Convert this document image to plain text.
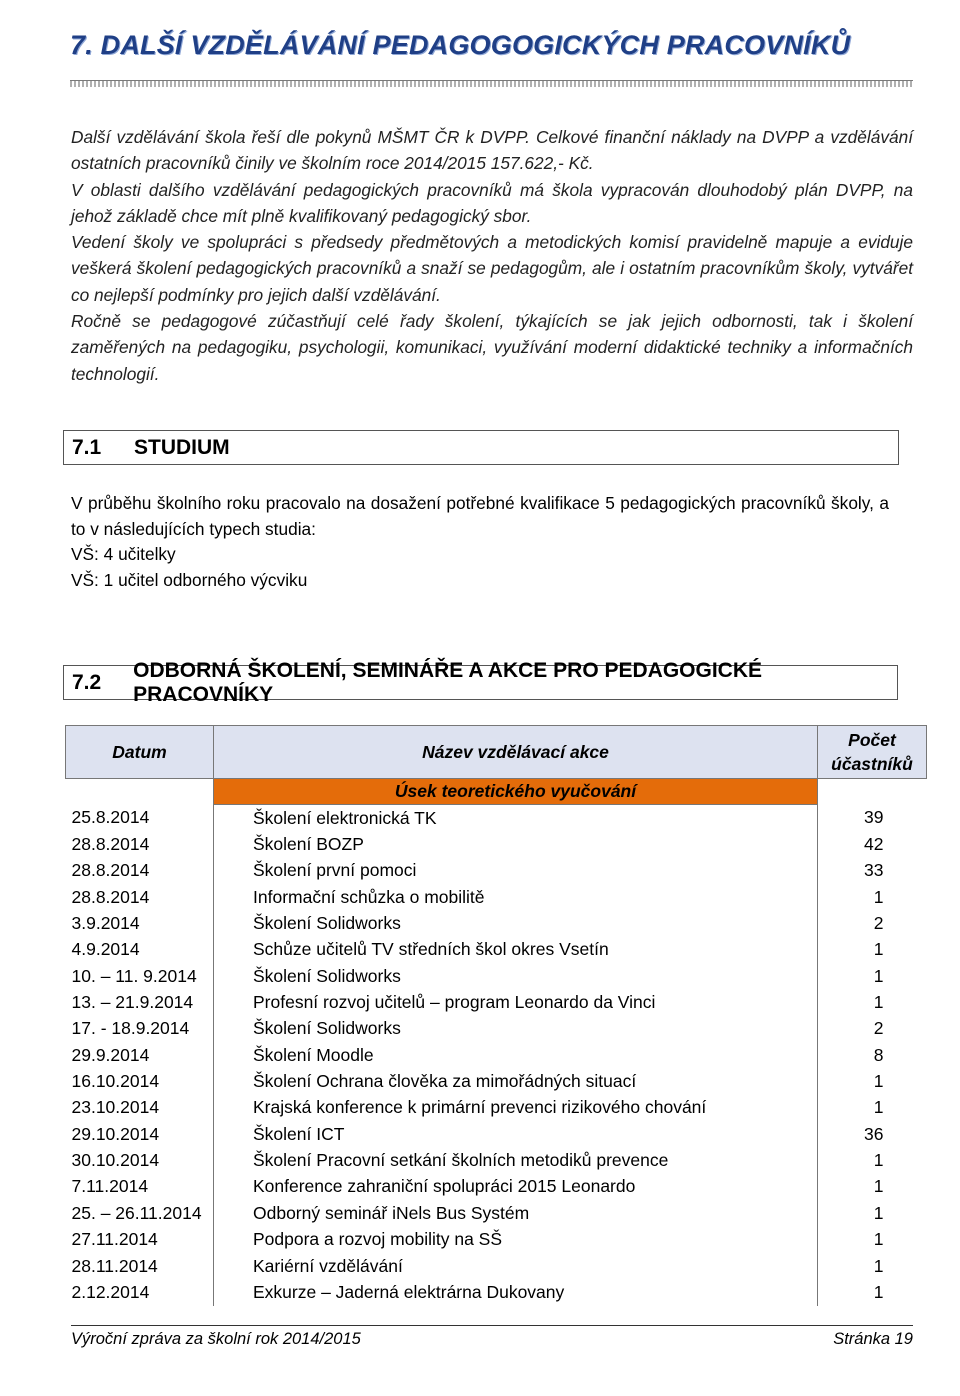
7. DALŠÍ VZDĚLÁVÁNÍ PEDAGOGOGICKÝCH PRACOVNÍKŮ

Další vzdělávání škola řeší dle pokynů MŠMT ČR k DVPP. Celkové finanční náklady na DVPP a vzdělávání ostatních pracovníků činily ve školním roce 2014/2015 157.622,- Kč.

V oblasti dalšího vzdělávání pedagogických pracovníků má škola vypracován dlouhodobý plán DVPP, na jehož základě chce mít plně kvalifikovaný pedagogický sbor.

Vedení školy ve spolupráci s předsedy předmětových a metodických komisí pravidelně mapuje a eviduje veškerá školení pedagogických pracovníků a snaží se pedagogům, ale i ostatním pracovníkům školy, vytvářet co nejlepší podmínky pro jejich další vzdělávání.

Ročně se pedagogové zúčastňují celé řady školení, týkajících se jak jejich odbornosti, tak i školení zaměřených na pedagogiku, psychologii, komunikaci, využívání moderní didaktické techniky a informačních technologií.

7.1	STUDIUM

V průběhu školního roku pracovalo na dosažení potřebné kvalifikace 5 pedagogických pracovníků školy, a to v následujících typech studia:

VŠ: 4 učitelky

VŠ: 1 učitel odborného výcviku

7.2
ODBORNÁ ŠKOLENÍ, SEMINÁŘE A AKCE PRO PEDAGOGICKÉ PRACOVNÍKY
Datum	Název vzdělávací akce	Počet účastníků
	Úsek teoretického vyučování	
25.8.2014	Školení elektronická TK	39
28.8.2014	Školení BOZP	42
28.8.2014	Školení první pomoci	33
28.8.2014	Informační schůzka o mobilitě	1
3.9.2014	Školení Solidworks	2
4.9.2014	Schůze učitelů TV středních škol okres Vsetín	1
10. – 11. 9.2014	Školení Solidworks	1
13. – 21.9.2014	Profesní rozvoj učitelů – program Leonardo da Vinci	1
17. - 18.9.2014	Školení Solidworks	2
29.9.2014	Školení Moodle	8
16.10.2014	Školení Ochrana člověka za mimořádných situací	1
23.10.2014	Krajská konference k primární prevenci rizikového chování	1
29.10.2014	Školení ICT	36
30.10.2014	Školení Pracovní setkání školních metodiků prevence	1
7.11.2014	Konference zahraniční spolupráci 2015 Leonardo	1
25. – 26.11.2014	Odborný seminář iNels Bus Systém	1
27.11.2014	Podpora a rozvoj mobility na SŠ	1
28.11.2014	Kariérní vzdělávání	1
2.12.2014	Exkurze – Jaderná elektrárna Dukovany	1
Výroční zpráva za školní rok 2014/2015	Stránka 19
